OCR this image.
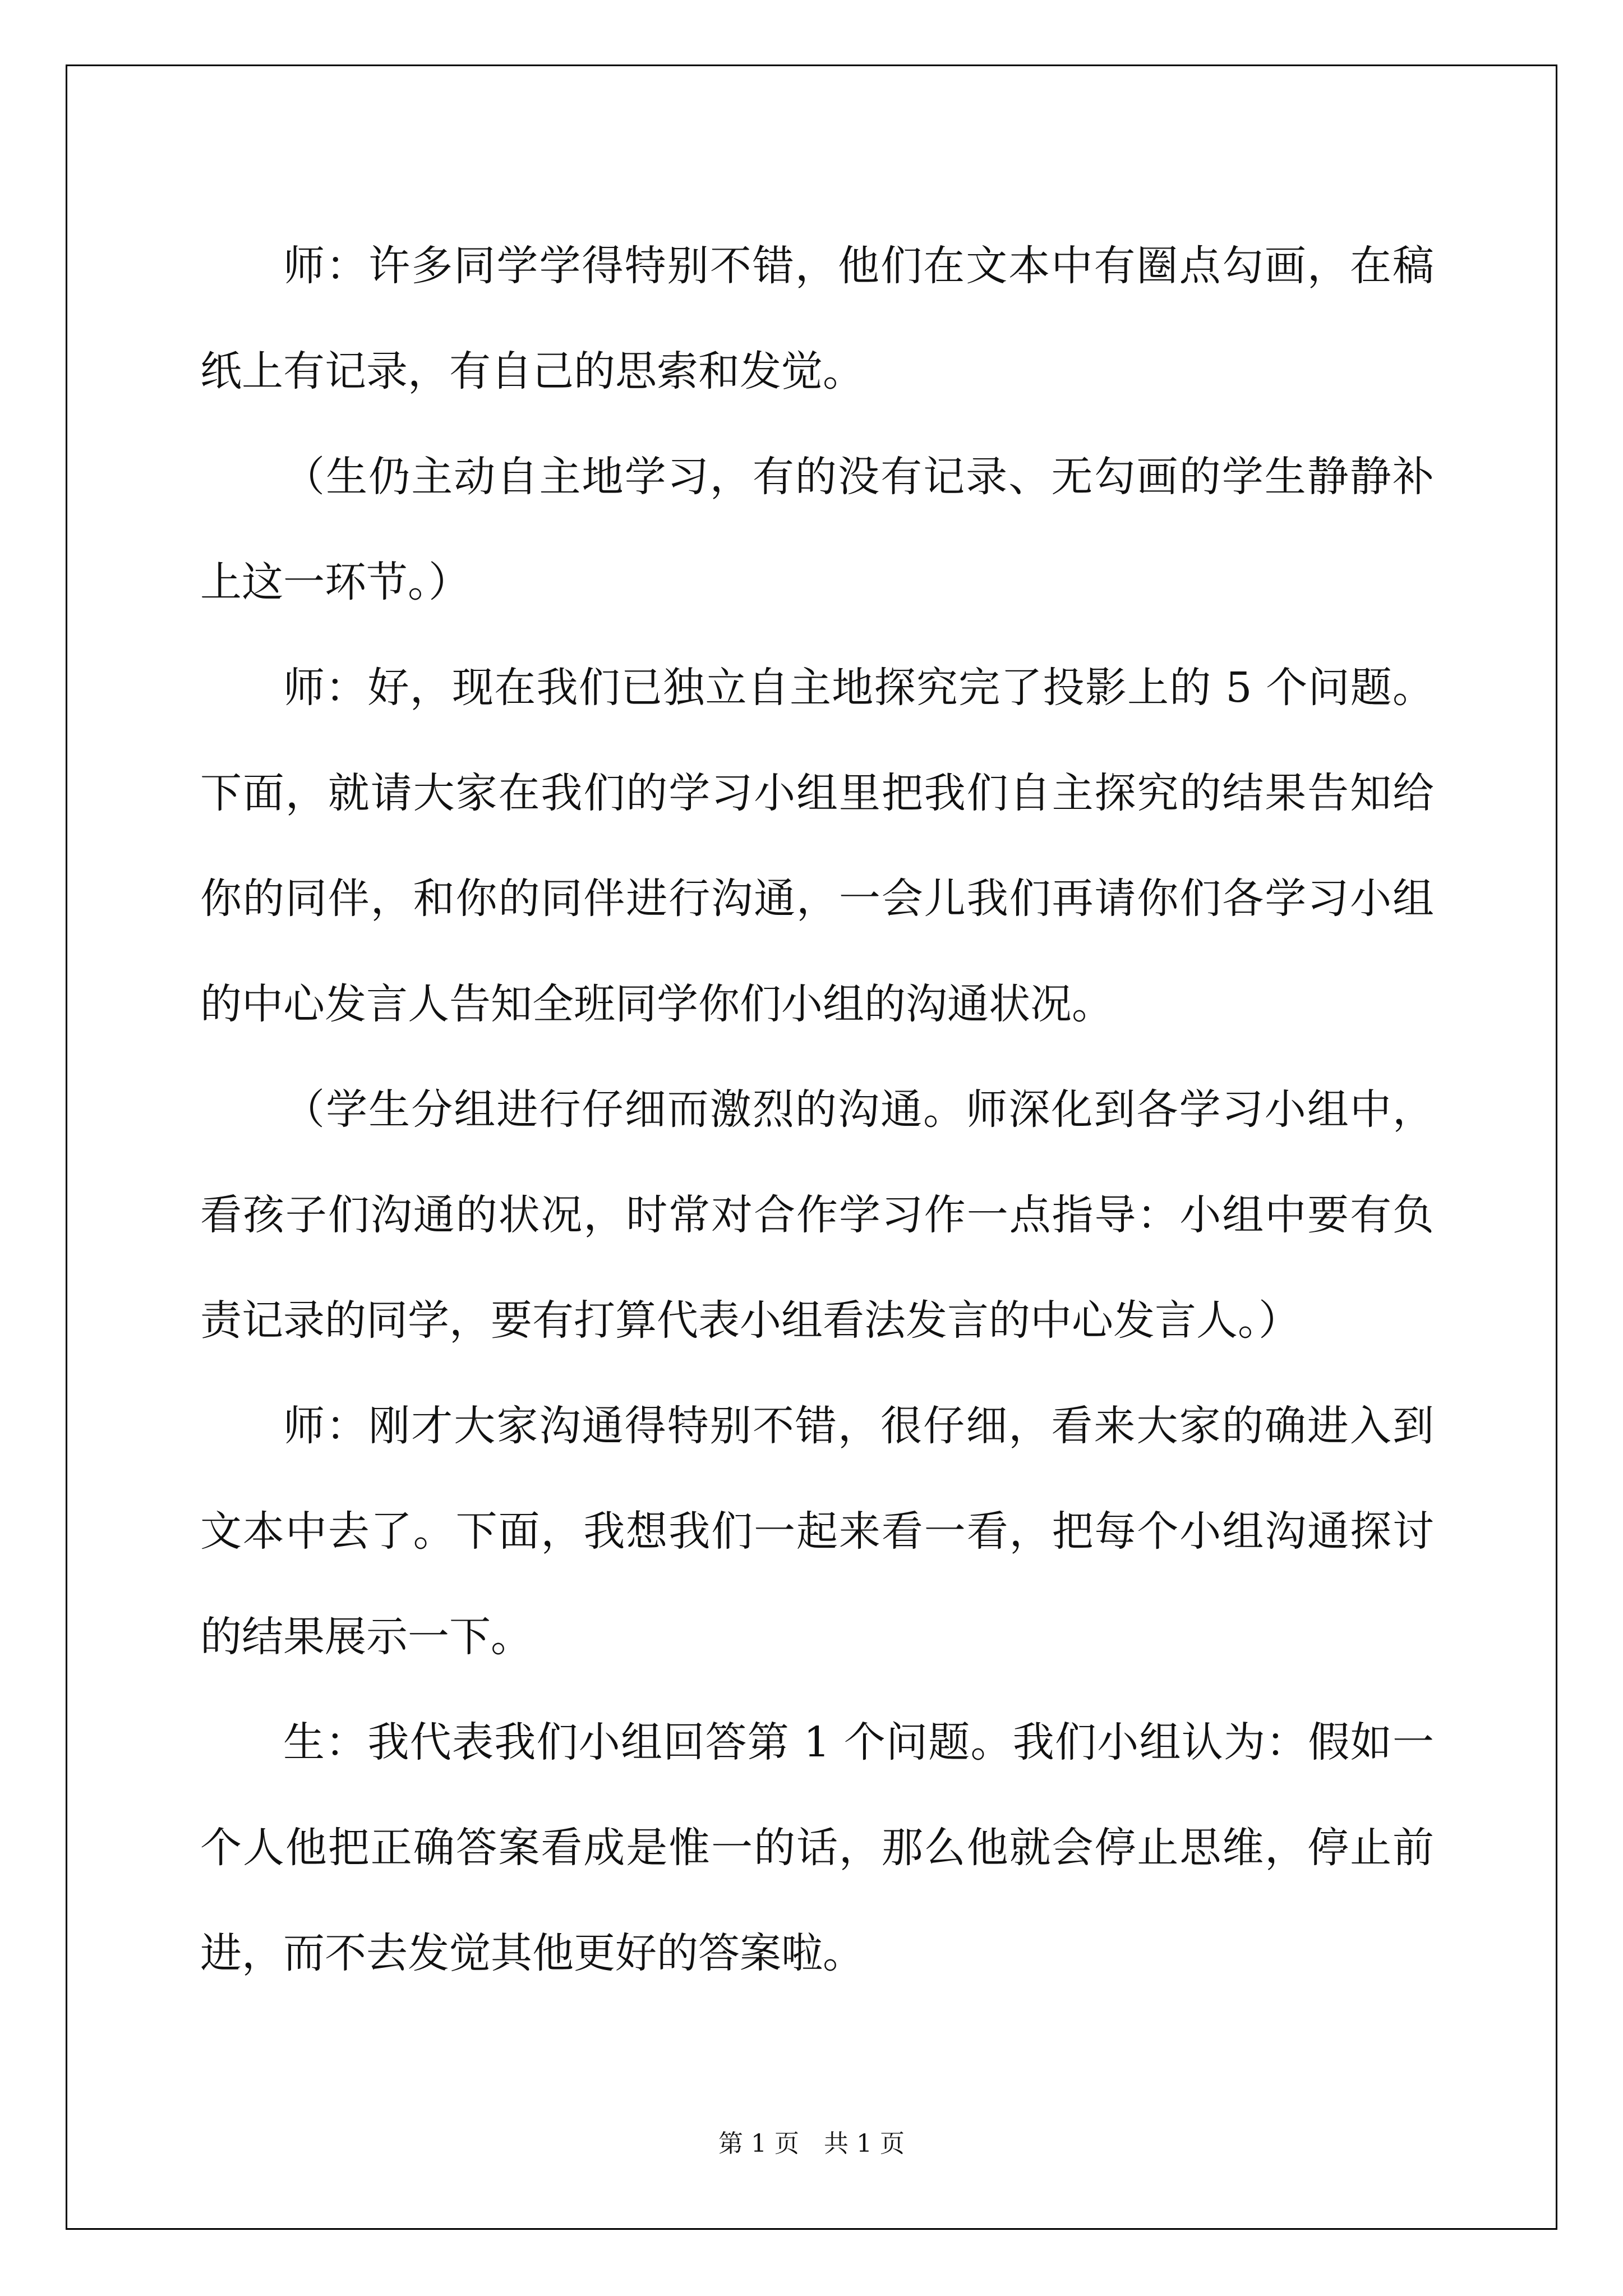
师：许多同学学得特别不错，他们在文本中有圈点勾画，在稿纸上有记录，有自己的思索和发觉。

（生仍主动自主地学习，有的没有记录、无勾画的学生静静补上这一环节。）

师：好，现在我们已独立自主地探究完了投影上的 5 个问题。下面，就请大家在我们的学习小组里把我们自主探究的结果告知给你的同伴，和你的同伴进行沟通，一会儿我们再请你们各学习小组的中心发言人告知全班同学你们小组的沟通状况。

（学生分组进行仔细而激烈的沟通。师深化到各学习小组中，看孩子们沟通的状况，时常对合作学习作一点指导：小组中要有负责记录的同学，要有打算代表小组看法发言的中心发言人。）

师：刚才大家沟通得特别不错，很仔细，看来大家的确进入到文本中去了。下面，我想我们一起来看一看，把每个小组沟通探讨的结果展示一下。

生：我代表我们小组回答第 1 个问题。我们小组认为：假如一个人他把正确答案看成是惟一的话，那么他就会停止思维，停止前进，而不去发觉其他更好的答案啦。

第 1 页　共 1 页
